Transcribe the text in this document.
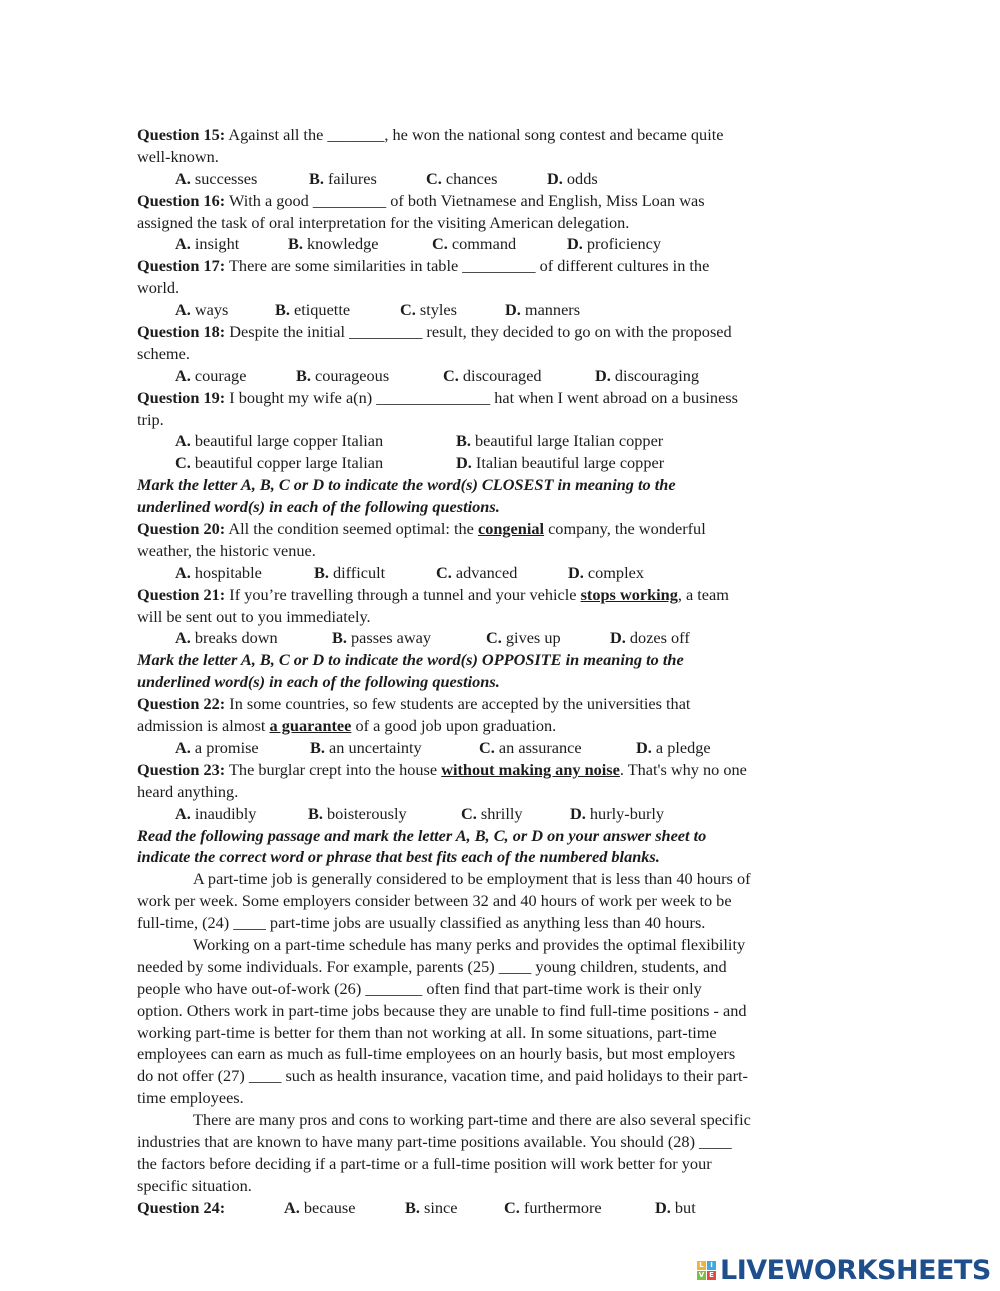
Question 15: Against all the _______, he won the national song contest and became quite
well-known.
A. successes	B. failures	C. chances	D. odds
Question 16: With a good _________ of both Vietnamese and English, Miss Loan was
assigned the task of oral interpretation for the visiting American delegation.
A. insight	B. knowledge	C. command	D. proficiency
Question 17: There are some similarities in table _________ of different cultures in the
world.
A. ways	B. etiquette	C. styles	D. manners
Question 18: Despite the initial _________ result, they decided to go on with the proposed
scheme.
A. courage	B. courageous	C. discouraged	D. discouraging
Question 19: I bought my wife a(n) ______________ hat when I went abroad on a business
trip.
A. beautiful large copper Italian	B. beautiful large Italian copper
C. beautiful copper large Italian	D. Italian beautiful large copper
Mark the letter A, B, C or D to indicate the word(s) CLOSEST in meaning to the
underlined word(s) in each of the following questions.
Question 20: All the condition seemed optimal: the congenial company, the wonderful
weather, the historic venue.
A. hospitable	B. difficult	C. advanced	D. complex
Question 21: If you’re travelling through a tunnel and your vehicle stops working, a team
will be sent out to you immediately.
A. breaks down	B. passes away	C. gives up	D. dozes off
Mark the letter A, B, C or D to indicate the word(s) OPPOSITE in meaning to the
underlined word(s) in each of the following questions.
Question 22: In some countries, so few students are accepted by the universities that
admission is almost a guarantee of a good job upon graduation.
A. a promise	B. an uncertainty	C. an assurance	D. a pledge
Question 23: The burglar crept into the house without making any noise. That's why no one
heard anything.
A. inaudibly	B. boisterously	C. shrilly	D. hurly-burly
Read the following passage and mark the letter A, B, C, or D on your answer sheet to
indicate the correct word or phrase that best fits each of the numbered blanks.
A part-time job is generally considered to be employment that is less than 40 hours of
work per week. Some employers consider between 32 and 40 hours of work per week to be
full-time, (24) ____ part-time jobs are usually classified as anything less than 40 hours.
Working on a part-time schedule has many perks and provides the optimal flexibility
needed by some individuals. For example, parents (25) ____ young children, students, and
people who have out-of-work (26) _______ often find that part-time work is their only
option. Others work in part-time jobs because they are unable to find full-time positions - and
working part-time is better for them than not working at all. In some situations, part-time
employees can earn as much as full-time employees on an hourly basis, but most employers
do not offer (27) ____ such as health insurance, vacation time, and paid holidays to their part-
time employees.
There are many pros and cons to working part-time and there are also several specific
industries that are known to have many part-time positions available. You should (28) ____
the factors before deciding if a part-time or a full-time position will work better for your
specific situation.
Question 24:	A. because	B. since	C. furthermore	D. but
L I
V E LIVEWORKSHEETS
